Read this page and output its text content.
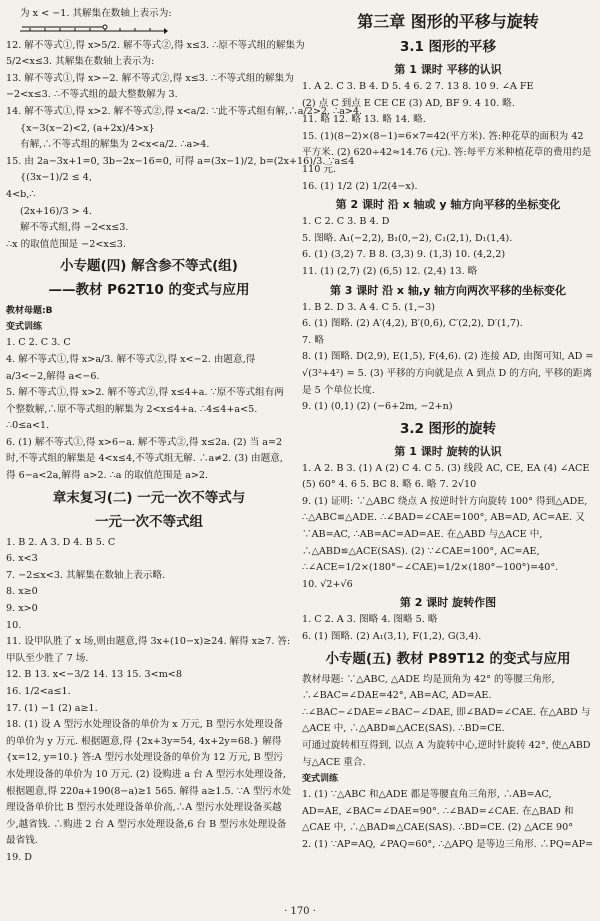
为 x < −1. 其解集在数轴上表示为:
12. 解不等式①,得 x>5/2. 解不等式②,得 x≤3. ∴原不等式组的解集为
5/2<x≤3. 其解集在数轴上表示为:
13. 解不等式①,得 x>−2. 解不等式②,得 x≤3. ∴不等式组的解集为
−2<x≤3. ∴不等式组的最大整数解为 3.
14. 解不等式①,得 x>2. 解不等式②,得 x<a/2. ∵此不等式组有解,∴a/2>2. ∴a>4.
{x−3(x−2)<2, (a+2x)/4>x}
有解,∴不等式组的解集为 2<x<a/2. ∴a>4.
15. 由 2a−3x+1=0, 3b−2x−16=0, 可得 a=(3x−1)/2, b=(2x+16)/3. ∵a≤4
{(3x−1)/2 ≤ 4,
4<b,∴
(2x+16)/3 > 4.
解不等式组,得 −2<x≤3.
∴x 的取值范围是 −2<x≤3.
小专题(四) 解含参不等式(组)
——教材 P62T10 的变式与应用
教材母题:B
变式训练
1. C 2. C 3. C
4. 解不等式①,得 x>a/3. 解不等式②,得 x<−2. 由题意,得 a/3<−2,解得 a<−6.
5. 解不等式①,得 x>2. 解不等式②,得 x≤4+a. ∵原不等式组有两个整数解,∴原不等式组的解集为 2<x≤4+a. ∴4≤4+a<5. ∴0≤a<1.
6. (1) 解不等式①,得 x>6−a. 解不等式②,得 x≤2a. (2) 当 a=2 时,不等式组的解集是 4<x≤4,不等式组无解. ∴a≠2. (3) 由题意,得 6−a<2a,解得 a>2. ∴a 的取值范围是 a>2.
章末复习(二) 一元一次不等式与
一元一次不等式组
1. B 2. A 3. D 4. B 5. C
6. x<3
7. −2≤x<3. 其解集在数轴上表示略.
8. x≥0
9. x>0
10.
11. 设甲队胜了 x 场,则由题意,得 3x+(10−x)≥24. 解得 x≥7. 答:甲队至少胜了 7 场.
12. B 13. x<−3/2 14. 13 15. 3<m<8
16. 1/2<a≤1.
17. (1) −1 (2) a≥1.
18. (1) 设 A 型污水处理设备的单价为 x 万元, B 型污水处理设备的单价为 y 万元. 根据题意,得 {2x+3y=54, 4x+2y=68.} 解得 {x=12, y=10.} 答:A 型污水处理设备的单价为 12 万元, B 型污水处理设备的单价为 10 万元. (2) 设购进 a 台 A 型污水处理设备,根据题意,得 220a+190(8−a)≥1 565. 解得 a≥1.5. ∵A 型污水处理设备单价比 B 型污水处理设备单价高,∴A 型污水处理设备买越少,越省钱. ∴购进 2 台 A 型污水处理设备,6 台 B 型污水处理设备最省钱.
19. D
第三章 图形的平移与旋转
3.1 图形的平移
第 1 课时 平移的认识
1. A 2. C 3. B 4. D 5. 4 6. 2 7. 13 8. 10 9. ∠A FE
(2) 点 C 到点 E CE CE (3) AD, BF 9. 4 10. 略.
11. 略 12. 略 13. 略 14. 略.
15. (1)(8−2)×(8−1)=6×7=42(平方米). 答:种花草的面积为 42 平方米. (2) 620÷42≈14.76 (元). 答:每平方米种植花草的费用约是 110 元.
16. (1) 1/2 (2) 1/2(4−x).
第 2 课时 沿 x 轴或 y 轴方向平移的坐标变化
1. C 2. C 3. B 4. D
5. 图略. A₁(−2,2), B₁(0,−2), C₁(2,1), D₁(1,4).
6. (1) (3,2) 7. B 8. (3,3) 9. (1,3) 10. (4,2,2)
11. (1) (2,7) (2) (6,5) 12. (2,4) 13. 略
第 3 课时 沿 x 轴,y 轴方向两次平移的坐标变化
1. B 2. D 3. A 4. C 5. (1,−3)
6. (1) 图略. (2) A′(4,2), B′(0,6), C′(2,2), D′(1,7).
7. 略
8. (1) 图略. D(2,9), E(1,5), F(4,6). (2) 连接 AD, 由图可知, AD = √(3²+4²) = 5. (3) 平移的方向就是点 A 到点 D 的方向, 平移的距离是 5 个单位长度.
9. (1) (0,1) (2) (−6+2m, −2+n)
3.2 图形的旋转
第 1 课时 旋转的认识
1. A 2. B 3. (1) A (2) C 4. C 5. (3) 线段 AC, CE, EA (4) ∠ACE
(5) 60° 4. 6 5. BC 8. 略 6. 略 7. 2√10
9. (1) 证明: ∵△ABC 绕点 A 按逆时针方向旋转 100° 得到△ADE, ∴△ABC≌△ADE. ∴∠BAD=∠CAE=100°, AB=AD, AC=AE. 又∵AB=AC, ∴AB=AC=AD=AE. 在△ABD 与△ACE 中, ∴△ABD≌△ACE(SAS). (2) ∵∠CAE=100°, AC=AE, ∴∠ACE=1/2×(180°−∠CAE)=1/2×(180°−100°)=40°.
10. √2+√6
第 2 课时 旋转作图
1. C 2. A 3. 图略 4. 图略 5. 略
6. (1) 图略. (2) A₁(3,1), F(1,2), G(3,4).
小专题(五) 教材 P89T12 的变式与应用
教材母题: ∵△ABC, △ADE 均是顶角为 42° 的等腰三角形, ∴∠BAC=∠DAE=42°, AB=AC, AD=AE. ∴∠BAC−∠DAE=∠BAC−∠DAE, 即∠BAD=∠CAE. 在△ABD 与△ACE 中, ∴△ABD≌△ACE(SAS). ∴BD=CE.
可通过旋转相互得到, 以点 A 为旋转中心,逆时针旋转 42°, 使△ABD 与△ACE 重合.
变式训练
1. (1) ∵△ABC 和△ADE 都是等腰直角三角形, ∴AB=AC, AD=AE, ∠BAC=∠DAE=90°. ∴∠BAD=∠CAE. 在△BAD 和△CAE 中, ∴△BAD≌△CAE(SAS). ∴BD=CE. (2) △ACE 90°
2. (1) ∵AP=AQ, ∠PAQ=60°, ∴△APQ 是等边三角形. ∴PQ=AP=
· 170 ·
